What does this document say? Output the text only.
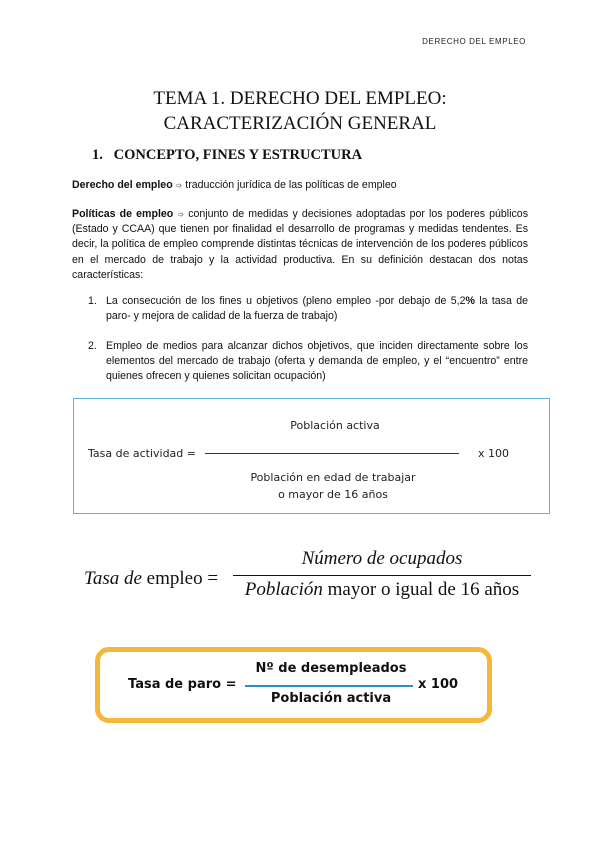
DERECHO DEL EMPLEO
TEMA 1. DERECHO DEL EMPLEO:
CARACTERIZACIÓN GENERAL
1. CONCEPTO, FINES Y ESTRUCTURA
Derecho del empleo ➩ traducción jurídica de las políticas de empleo
Políticas de empleo ➩ conjunto de medidas y decisiones adoptadas por los poderes públicos (Estado y CCAA) que tienen por finalidad el desarrollo de programas y medidas tendentes. Es decir, la política de empleo comprende distintas técnicas de intervención de los poderes públicos en el mercado de trabajo y la actividad productiva. En su definición destacan dos notas características:
1. La consecución de los fines u objetivos (pleno empleo -por debajo de 5,2% la tasa de paro- y mejora de calidad de la fuerza de trabajo)
2. Empleo de medios para alcanzar dichos objetivos, que inciden directamente sobre los elementos del mercado de trabajo (oferta y demanda de empleo, y el “encuentro” entre quienes ofrecen y quienes solicitan ocupación)
Tasa de actividad =
Población activa
Población en edad de trabajar
o mayor de 16 años
x 100
Tasa de empleo =
Número de ocupados
Población mayor o igual de 16 años
Tasa de paro =
Nº de desempleados
Población activa
x 100
